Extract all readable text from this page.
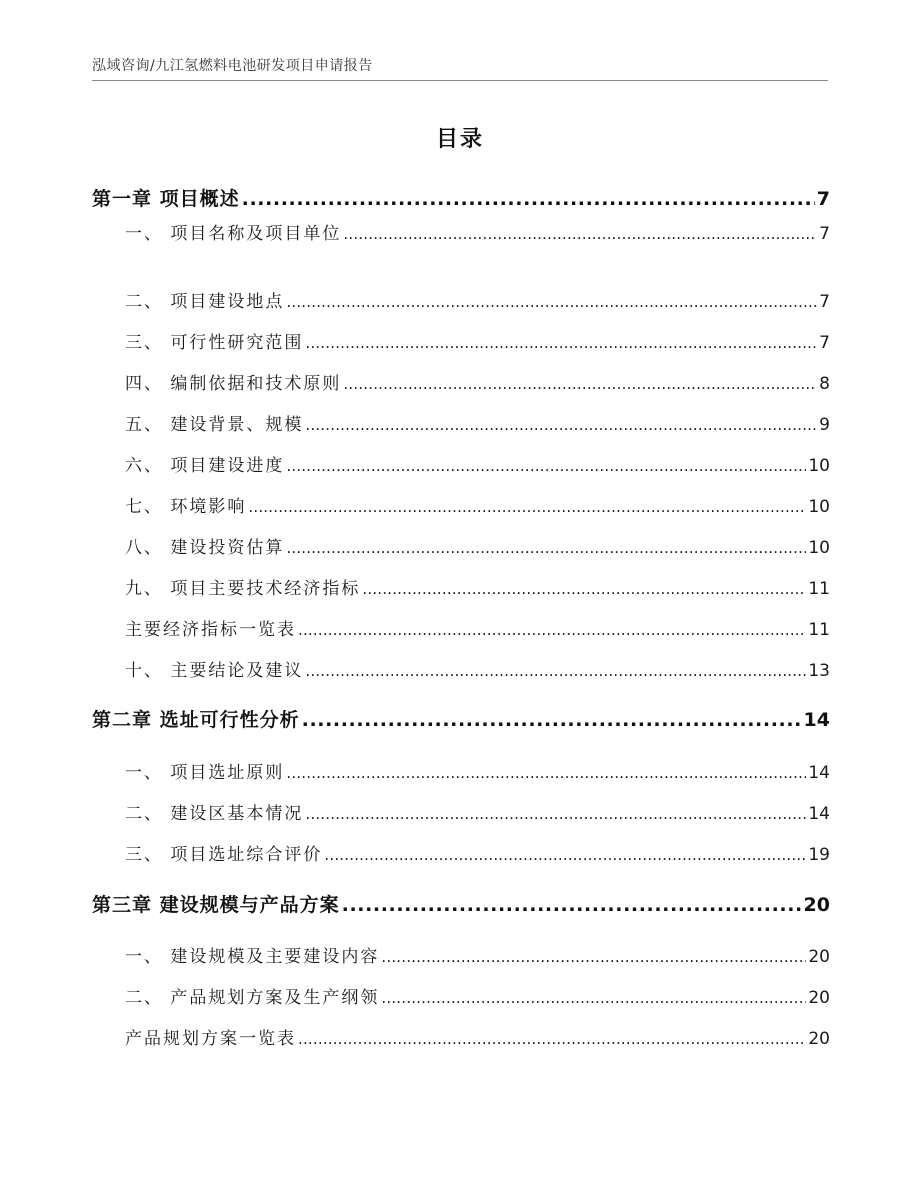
泓域咨询/九江氢燃料电池研发项目申请报告
目录
第一章 项目概述 .....	7
一、 项目名称及项目单位 .....	7
二、 项目建设地点 .....	7
三、 可行性研究范围 .....	7
四、 编制依据和技术原则 .....	8
五、 建设背景、规模 .....	9
六、 项目建设进度 .....	10
七、 环境影响 .....	10
八、 建设投资估算 .....	10
九、 项目主要技术经济指标 .....	11
主要经济指标一览表 .....	11
十、 主要结论及建议 .....	13
第二章 选址可行性分析 .....	14
一、 项目选址原则 .....	14
二、 建设区基本情况 .....	14
三、 项目选址综合评价 .....	19
第三章 建设规模与产品方案 .....	20
一、 建设规模及主要建设内容 .....	20
二、 产品规划方案及生产纲领 .....	20
产品规划方案一览表 .....	20
